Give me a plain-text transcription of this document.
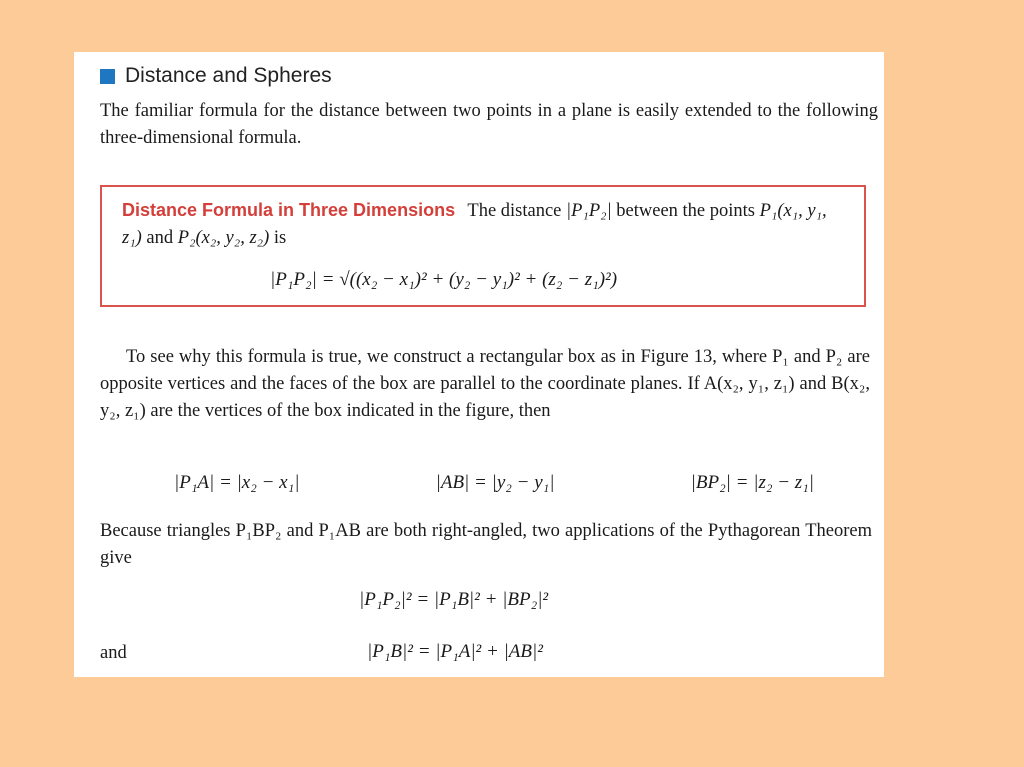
Distance and Spheres
The familiar formula for the distance between two points in a plane is easily extended to the following three-dimensional formula.
Distance Formula in Three Dimensions The distance |P₁P₂| between the points P₁(x₁, y₁, z₁) and P₂(x₂, y₂, z₂) is
|P₁P₂| = √((x₂ − x₁)² + (y₂ − y₁)² + (z₂ − z₁)²)

To see why this formula is true, we construct a rectangular box as in Figure 13, where P₁ and P₂ are opposite vertices and the faces of the box are parallel to the coordinate planes. If A(x₂, y₁, z₁) and B(x₂, y₂, z₁) are the vertices of the box indicated in the figure, then

|P₁A| = |x₂ − x₁|	|AB| = |y₂ − y₁|	|BP₂| = |z₂ − z₁|
Because triangles P₁BP₂ and P₁AB are both right-angled, two applications of the Pythagorean Theorem give
|P₁P₂|² = |P₁B|² + |BP₂|²
and	|P₁B|² = |P₁A|² + |AB|²
